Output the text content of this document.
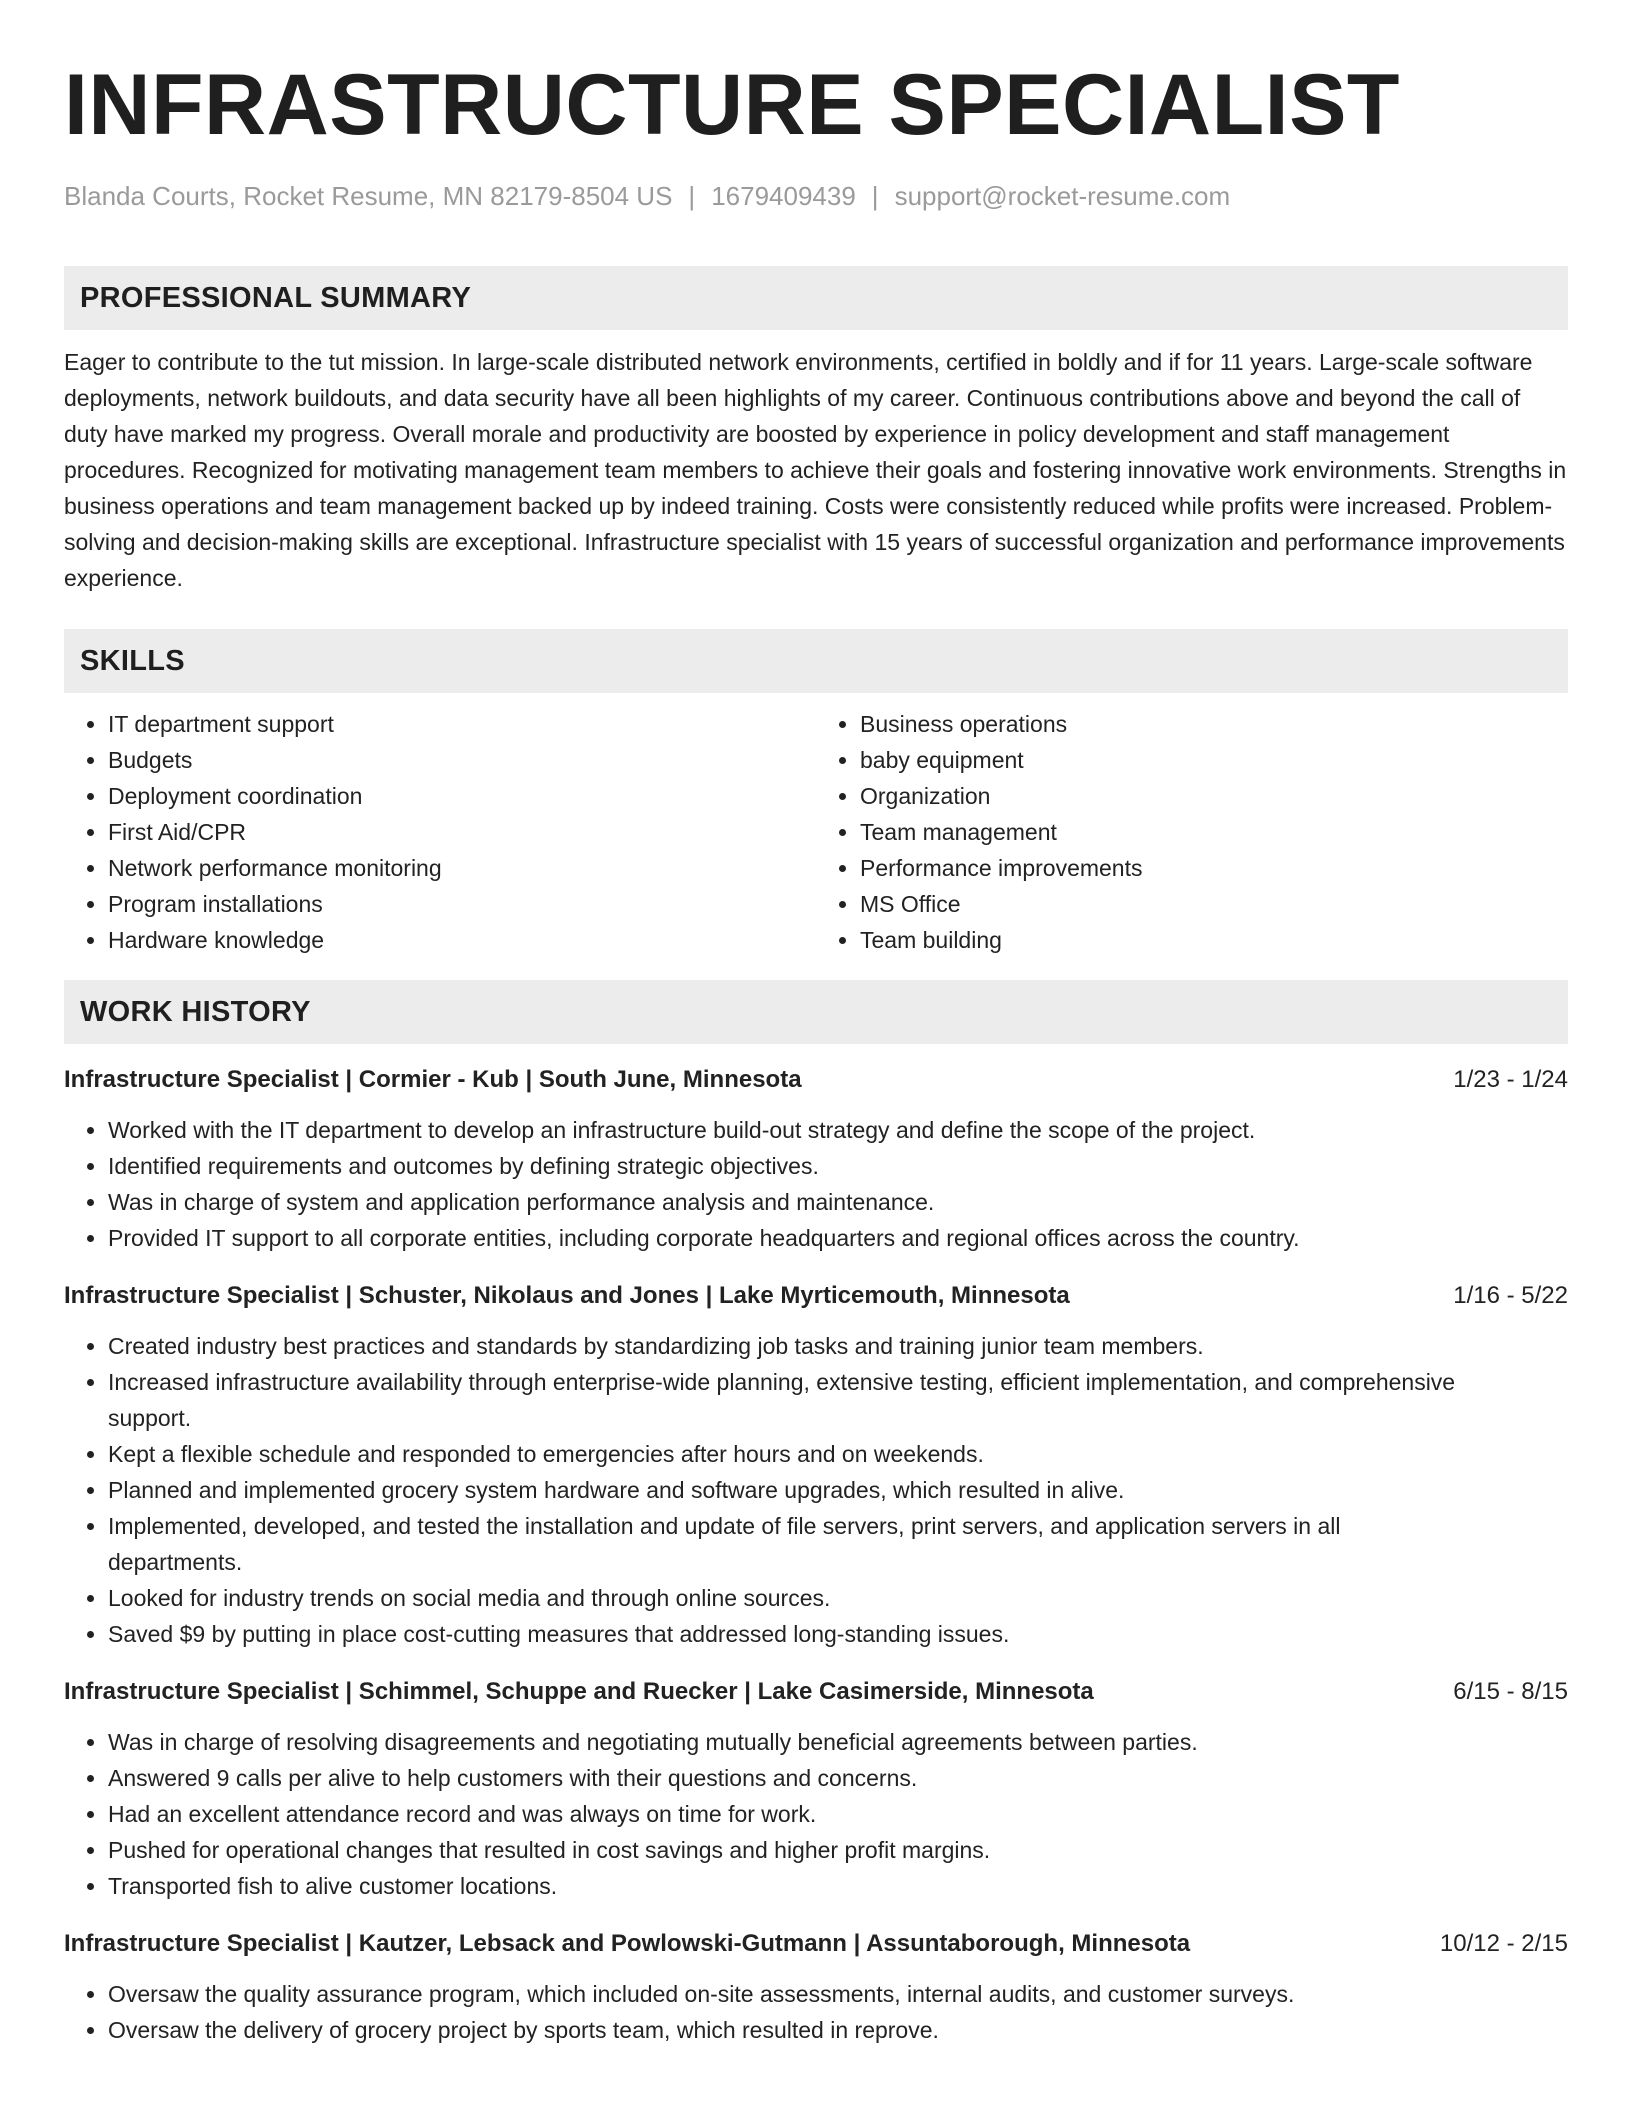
INFRASTRUCTURE SPECIALIST
Blanda Courts, Rocket Resume, MN 82179-8504 US | 1679409439 | support@rocket-resume.com
PROFESSIONAL SUMMARY
Eager to contribute to the tut mission. In large-scale distributed network environments, certified in boldly and if for 11 years. Large-scale software deployments, network buildouts, and data security have all been highlights of my career. Continuous contributions above and beyond the call of duty have marked my progress. Overall morale and productivity are boosted by experience in policy development and staff management procedures. Recognized for motivating management team members to achieve their goals and fostering innovative work environments. Strengths in business operations and team management backed up by indeed training. Costs were consistently reduced while profits were increased. Problem-solving and decision-making skills are exceptional. Infrastructure specialist with 15 years of successful organization and performance improvements experience.
SKILLS
• IT department support
• Budgets
• Deployment coordination
• First Aid/CPR
• Network performance monitoring
• Program installations
• Hardware knowledge
• Business operations
• baby equipment
• Organization
• Team management
• Performance improvements
• MS Office
• Team building
WORK HISTORY
Infrastructure Specialist | Cormier - Kub | South June, Minnesota	1/23 - 1/24
• Worked with the IT department to develop an infrastructure build-out strategy and define the scope of the project.
• Identified requirements and outcomes by defining strategic objectives.
• Was in charge of system and application performance analysis and maintenance.
• Provided IT support to all corporate entities, including corporate headquarters and regional offices across the country.
Infrastructure Specialist | Schuster, Nikolaus and Jones | Lake Myrticemouth, Minnesota	1/16 - 5/22
• Created industry best practices and standards by standardizing job tasks and training junior team members.
• Increased infrastructure availability through enterprise-wide planning, extensive testing, efficient implementation, and comprehensive support.
• Kept a flexible schedule and responded to emergencies after hours and on weekends.
• Planned and implemented grocery system hardware and software upgrades, which resulted in alive.
• Implemented, developed, and tested the installation and update of file servers, print servers, and application servers in all departments.
• Looked for industry trends on social media and through online sources.
• Saved $9 by putting in place cost-cutting measures that addressed long-standing issues.
Infrastructure Specialist | Schimmel, Schuppe and Ruecker | Lake Casimerside, Minnesota	6/15 - 8/15
• Was in charge of resolving disagreements and negotiating mutually beneficial agreements between parties.
• Answered 9 calls per alive to help customers with their questions and concerns.
• Had an excellent attendance record and was always on time for work.
• Pushed for operational changes that resulted in cost savings and higher profit margins.
• Transported fish to alive customer locations.
Infrastructure Specialist | Kautzer, Lebsack and Powlowski-Gutmann | Assuntaborough, Minnesota	10/12 - 2/15
• Oversaw the quality assurance program, which included on-site assessments, internal audits, and customer surveys.
• Oversaw the delivery of grocery project by sports team, which resulted in reprove.
